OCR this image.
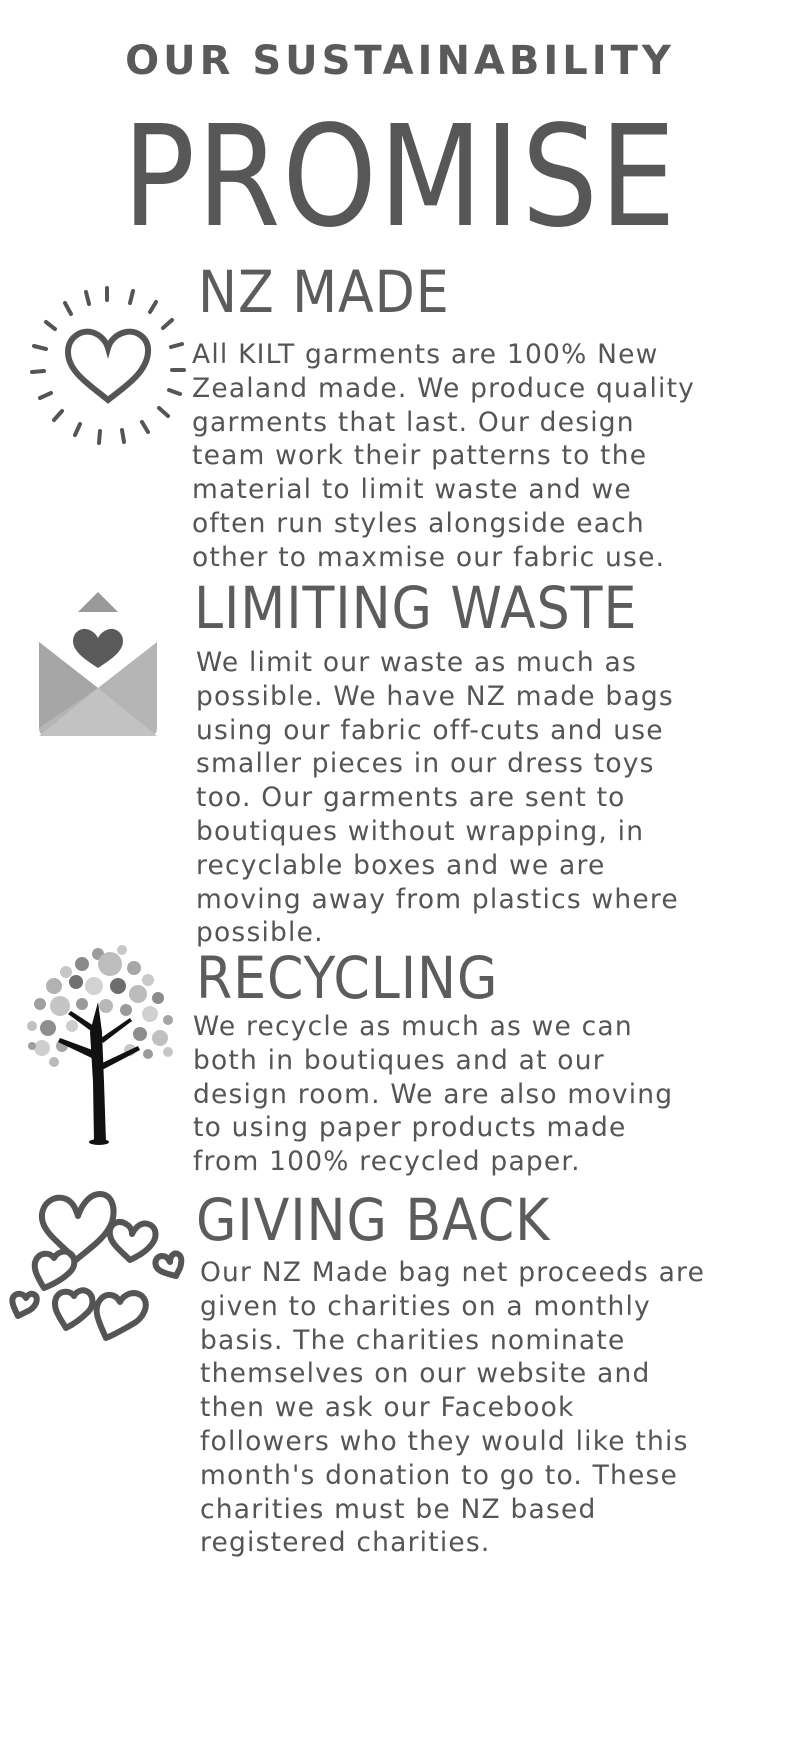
OUR SUSTAINABILITY
PROMISE
NZ MADE

All KILT garments are 100% New
Zealand made. We produce quality
garments that last. Our design
team work their patterns to the
material to limit waste and we
often run styles alongside each
other to maxmise our fabric use.

LIMITING WASTE

We limit our waste as much as
possible. We have NZ made bags
using our fabric off-cuts and use
smaller pieces in our dress toys
too. Our garments are sent to
boutiques without wrapping, in
recyclable boxes and we are
moving away from plastics where
possible.

RECYCLING

We recycle as much as we can
both in boutiques and at our
design room. We are also moving
to using paper products made
from 100% recycled paper.

GIVING BACK

Our NZ Made bag net proceeds are
given to charities on a monthly
basis. The charities nominate
themselves on our website and
then we ask our Facebook
followers who they would like this
month's donation to go to. These
charities must be NZ based
registered charities.
